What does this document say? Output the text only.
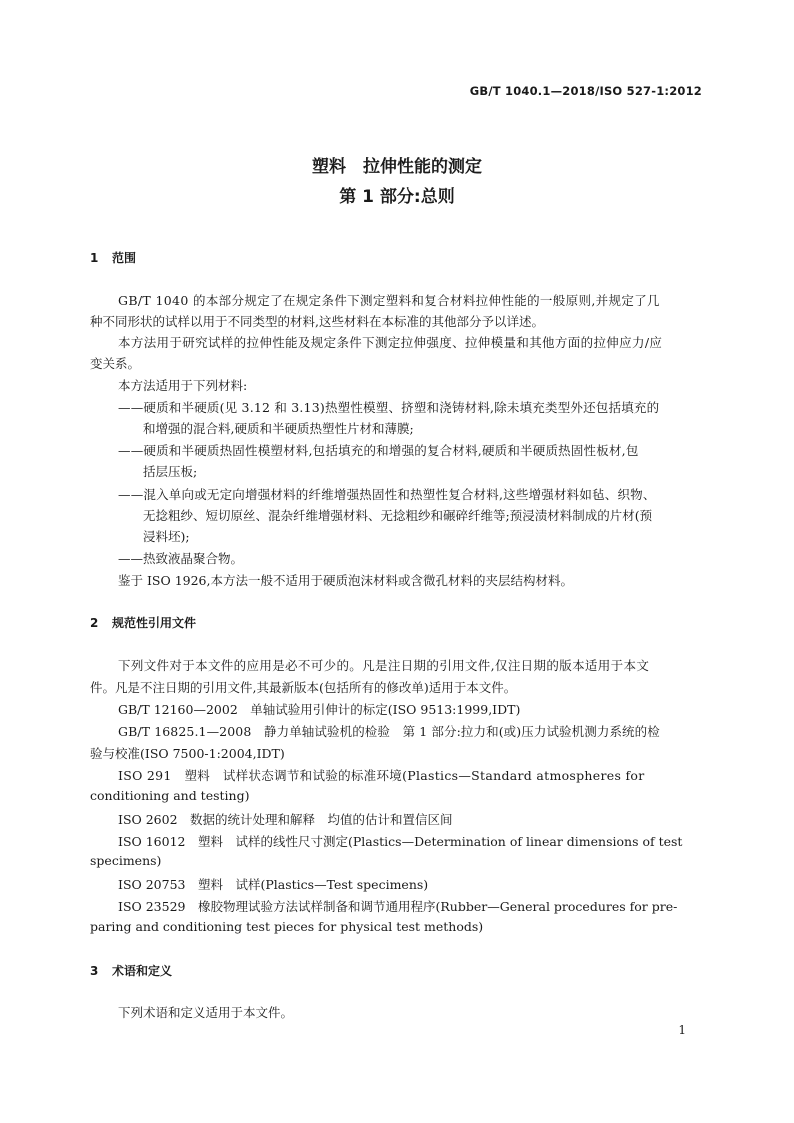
GB/T 1040.1—2018/ISO 527-1:2012
塑料　拉伸性能的测定
第 1 部分:总则
1 范围
GB/T 1040 的本部分规定了在规定条件下测定塑料和复合材料拉伸性能的一般原则,并规定了几
种不同形状的试样以用于不同类型的材料,这些材料在本标准的其他部分予以详述。
本方法用于研究试样的拉伸性能及规定条件下测定拉伸强度、拉伸模量和其他方面的拉伸应力/应
变关系。
本方法适用于下列材料:
——硬质和半硬质(见 3.12 和 3.13)热塑性模塑、挤塑和浇铸材料,除未填充类型外还包括填充的
和增强的混合料,硬质和半硬质热塑性片材和薄膜;
——硬质和半硬质热固性模塑材料,包括填充的和增强的复合材料,硬质和半硬质热固性板材,包
括层压板;
——混入单向或无定向增强材料的纤维增强热固性和热塑性复合材料,这些增强材料如毡、织物、
无捻粗纱、短切原丝、混杂纤维增强材料、无捻粗纱和碾碎纤维等;预浸渍材料制成的片材(预
浸料坯);
——热致液晶聚合物。
鉴于 ISO 1926,本方法一般不适用于硬质泡沫材料或含微孔材料的夹层结构材料。
2 规范性引用文件
下列文件对于本文件的应用是必不可少的。凡是注日期的引用文件,仅注日期的版本适用于本文
件。凡是不注日期的引用文件,其最新版本(包括所有的修改单)适用于本文件。
GB/T 12160—2002　单轴试验用引伸计的标定(ISO 9513:1999,IDT)
GB/T 16825.1—2008　静力单轴试验机的检验　第 1 部分:拉力和(或)压力试验机测力系统的检
验与校准(ISO 7500-1:2004,IDT)
ISO 291　塑料　试样状态调节和试验的标准环境(Plastics—Standard atmospheres for
conditioning and testing)
ISO 2602　数据的统计处理和解释　均值的估计和置信区间
ISO 16012　塑料　试样的线性尺寸测定(Plastics—Determination of linear dimensions of test
specimens)
ISO 20753　塑料　试样(Plastics—Test specimens)
ISO 23529　橡胶物理试验方法试样制备和调节通用程序(Rubber—General procedures for pre-
paring and conditioning test pieces for physical test methods)
3 术语和定义
下列术语和定义适用于本文件。
1
